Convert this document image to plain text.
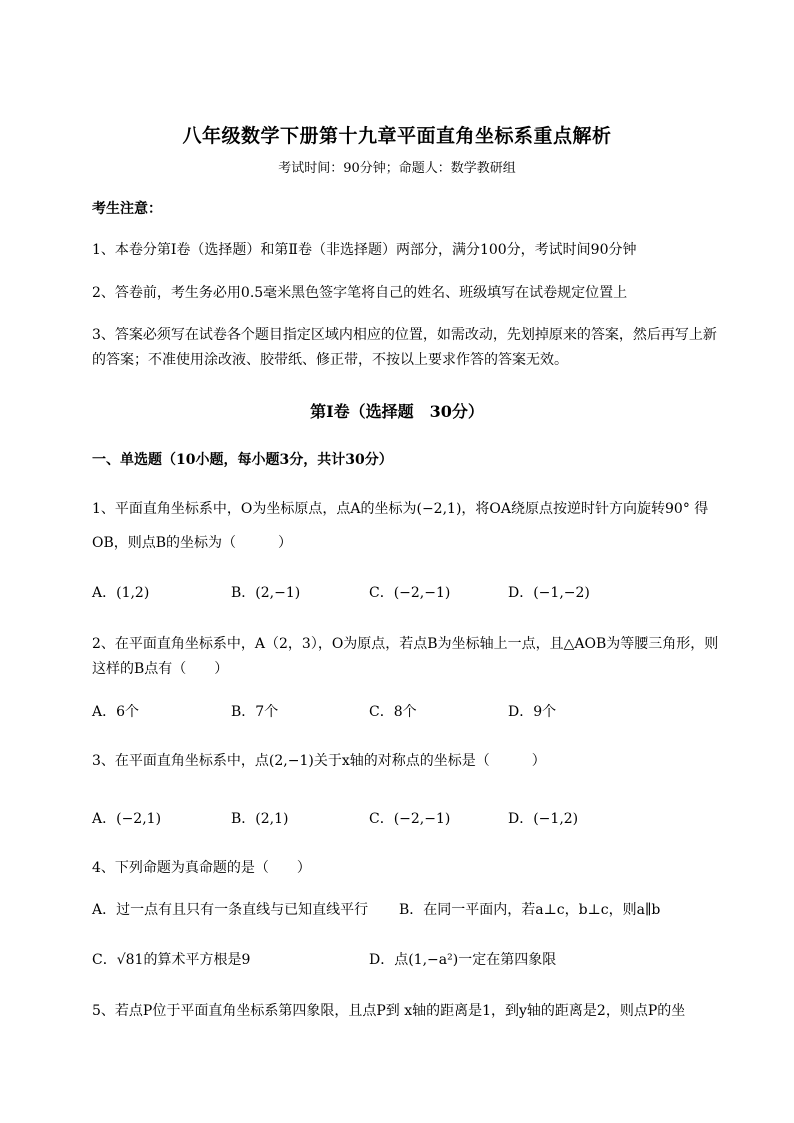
八年级数学下册第十九章平面直角坐标系重点解析
考试时间：90分钟；命题人：数学教研组
考生注意：
1、本卷分第I卷（选择题）和第Ⅱ卷（非选择题）两部分，满分100分，考试时间90分钟
2、答卷前，考生务必用0.5毫米黑色签字笔将自己的姓名、班级填写在试卷规定位置上
3、答案必须写在试卷各个题目指定区域内相应的位置，如需改动，先划掉原来的答案，然后再写上新
的答案；不准使用涂改液、胶带纸、修正带，不按以上要求作答的答案无效。
第I卷（选择题　30分）
一、单选题（10小题，每小题3分，共计30分）
1、平面直角坐标系中，O为坐标原点，点A的坐标为(−2,1)，将OA绕原点按逆时针方向旋转90° 得
OB，则点B的坐标为（　　　）
A．(1,2)	B．(2,−1)	C．(−2,−1)	D．(−1,−2)
2、在平面直角坐标系中，A（2，3），O为原点，若点B为坐标轴上一点，且△AOB为等腰三角形，则
这样的B点有（　　）
A．6个	B．7个	C．8个	D．9个
3、在平面直角坐标系中，点(2,−1)关于x轴的对称点的坐标是（　　　）
A．(−2,1)	B．(2,1)	C．(−2,−1)	D．(−1,2)
4、下列命题为真命题的是（　　）
A．过一点有且只有一条直线与已知直线平行 B．在同一平面内，若a⊥c，b⊥c，则a∥b
C．√81的算术平方根是9	D．点(1,−a²)一定在第四象限
5、若点P位于平面直角坐标系第四象限，且点P到 x轴的距离是1，到y轴的距离是2，则点P的坐
